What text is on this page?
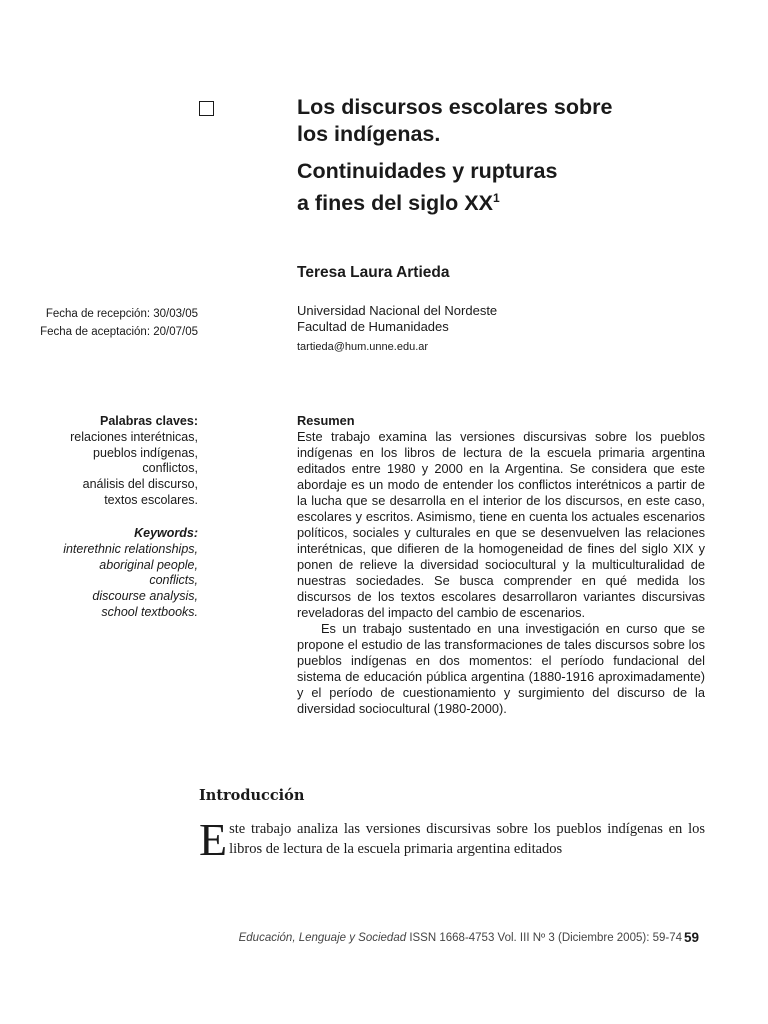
Los discursos escolares sobre
los indígenas.
Continuidades y rupturas
a fines del siglo $XX^1$
Teresa Laura Artieda
Universidad Nacional del Nordeste
Facultad de Humanidades
tartieda@hum.unne.edu.ar
Fecha de recepción: 30/03/05
Fecha de aceptación: 20/07/05
Palabras claves:
relaciones interétnicas,
pueblos indígenas,
conflictos,
análisis del discurso,
textos escolares.
Keywords:
interethnic relationships,
aboriginal people,
conflicts,
discourse analysis,
school textbooks.
Resumen

Este trabajo examina las versiones discursivas sobre los pueblos indígenas en los libros de lectura de la escuela primaria argentina editados entre 1980 y 2000 en la Argentina. Se considera que este abordaje es un modo de entender los conflictos interétnicos a partir de la lucha que se desarrolla en el interior de los discursos, en este caso, escolares y escritos. Asimismo, tiene en cuenta los actuales escenarios políticos, sociales y culturales en que se desenvuelven las relaciones interétnicas, que difieren de la homogeneidad de fines del siglo XIX y ponen de relieve la diversidad sociocultural y la multiculturalidad de nuestras sociedades. Se busca comprender en qué medida los discursos de los textos escolares desarrollaron variantes discursivas reveladoras del impacto del cambio de escenarios.

Es un trabajo sustentado en una investigación en curso que se propone el estudio de las transformaciones de tales discursos sobre los pueblos indígenas en dos momentos: el período fundacional del sistema de educación pública argentina (1880-1916 aproximadamente) y el período de cuestionamiento y surgimiento del discurso de la diversidad sociocultural (1980-2000).

Introducción
Este trabajo analiza las versiones discursivas sobre los pueblos indígenas en los libros de lectura de la escuela primaria argentina editados
Educación, Lenguaje y Sociedad ISSN 1668-4753 Vol. III Nº 3 (Diciembre 2005): 59-74 59
